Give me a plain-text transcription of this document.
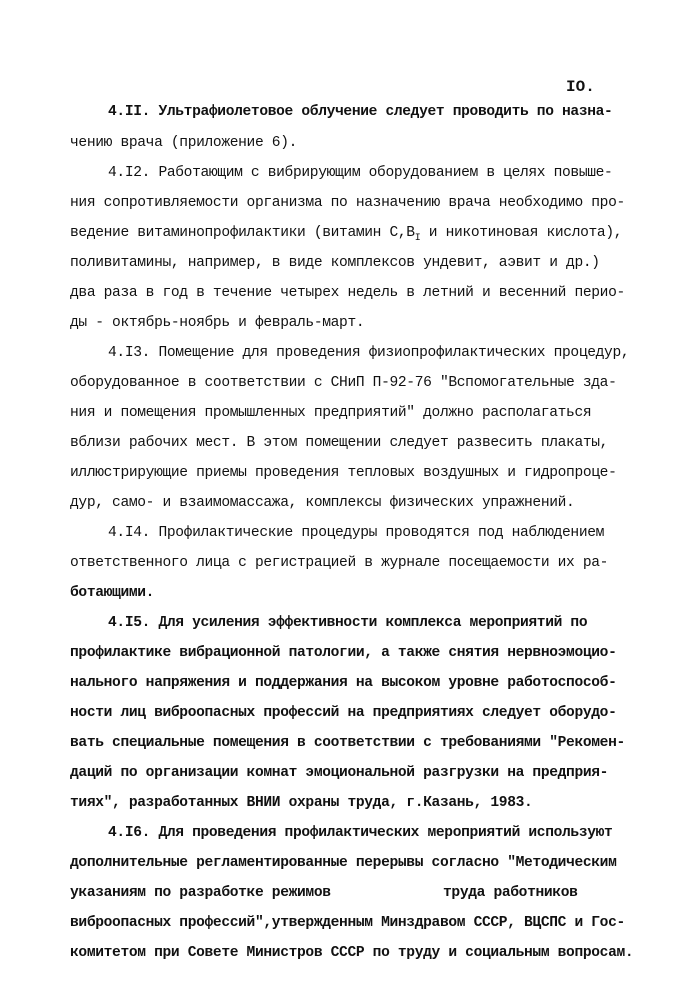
IO.
4.II. Ультрафиолетовое облучение следует проводить по назна-
чению врача (приложение 6).
4.I2. Работающим с вибрирующим оборудованием в целях повыше-
ния сопротивляемости организма по назначению врача необходимо про-
ведение витаминопрофилактики (витамин $C,B_I$ и никотиновая кислота),
поливитамины, например, в виде комплексов ундевит, аэвит и др.)
два раза в год в течение четырех недель в летний и весенний перио-
ды - октябрь-ноябрь и февраль-март.
4.I3. Помещение для проведения физиопрофилактических процедур,
оборудованное в соответствии с СНиП П-92-76 "Вспомогательные зда-
ния и помещения промышленных предприятий" должно располагаться
вблизи рабочих мест. В этом помещении следует развесить плакаты,
иллюстрирующие приемы проведения тепловых воздушных и гидропроце-
дур, само- и взаимомассажа, комплексы физических упражнений.
4.I4. Профилактические процедуры проводятся под наблюдением
ответственного лица с регистрацией в журнале посещаемости их ра-
ботающими.
4.I5. Для усиления эффективности комплекса мероприятий по
профилактике вибрационной патологии, а также снятия нервноэмоцио-
нального напряжения и поддержания на высоком уровне работоспособ-
ности лиц виброопасных профессий на предприятиях следует оборудо-
вать специальные помещения в соответствии с требованиями "Рекомен-
даций по организации комнат эмоциональной разгрузки на предприя-
тиях", разработанных ВНИИ охраны труда, г.Казань, 1983.
4.I6. Для проведения профилактических мероприятий используют
дополнительные регламентированные перерывы согласно "Методическим
указаниям по разработке режимов	труда работников
виброопасных профессий",утвержденным Минздравом СССР, ВЦСПС и Гос-
комитетом при Совете Министров СССР по труду и социальным вопросам.
